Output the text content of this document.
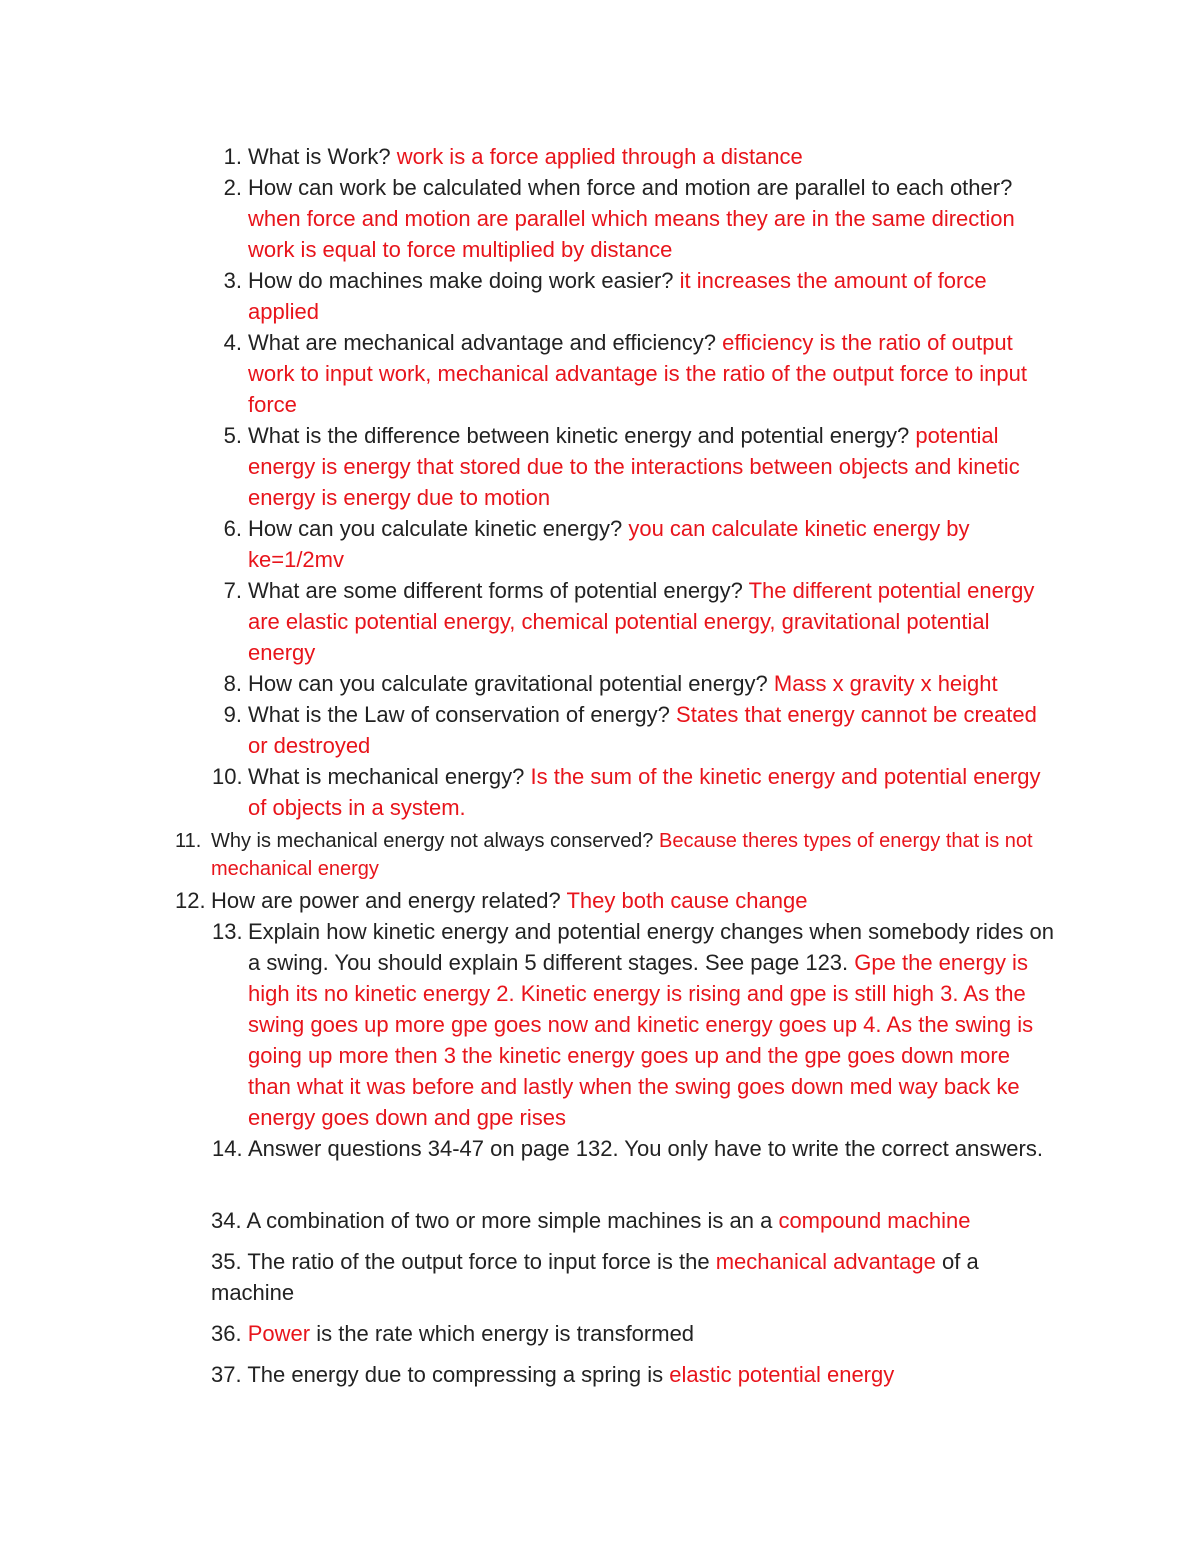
1. What is Work? work is a force applied through a distance
2. How can work be calculated when force and motion are parallel to each other? when force and motion are parallel which means they are in the same direction work is equal to force multiplied by distance
3. How do machines make doing work easier? it increases the amount of force applied
4. What are mechanical advantage and efficiency? efficiency is the ratio of output work to input work, mechanical advantage is the ratio of the output force to input force
5. What is the difference between kinetic energy and potential energy? potential energy is energy that stored due to the interactions between objects and kinetic energy is energy due to motion
6. How can you calculate kinetic energy? you can calculate kinetic energy by ke=1/2mv
7. What are some different forms of potential energy? The different potential energy are elastic potential energy, chemical potential energy, gravitational potential energy
8. How can you calculate gravitational potential energy? Mass x gravity x height
9. What is the Law of conservation of energy? States that energy cannot be created or destroyed
10. What is mechanical energy? Is the sum of the kinetic energy and potential energy of objects in a system.
11. Why is mechanical energy not always conserved? Because theres types of energy that is not mechanical energy
12. How are power and energy related? They both cause change
13. Explain how kinetic energy and potential energy changes when somebody rides on a swing. You should explain 5 different stages. See page 123. Gpe the energy is high its no kinetic energy 2. Kinetic energy is rising and gpe is still high 3. As the swing goes up more gpe goes now and kinetic energy goes up 4. As the swing is going up more then 3 the kinetic energy goes up and the gpe goes down more than what it was before and lastly when the swing goes down med way back ke energy goes down and gpe rises
14. Answer questions 34-47 on page 132. You only have to write the correct answers.
34. A combination of two or more simple machines is an a compound machine
35. The ratio of the output force to input force is the mechanical advantage of a machine
36. Power is the rate which energy is transformed
37. The energy due to compressing a spring is elastic potential energy
